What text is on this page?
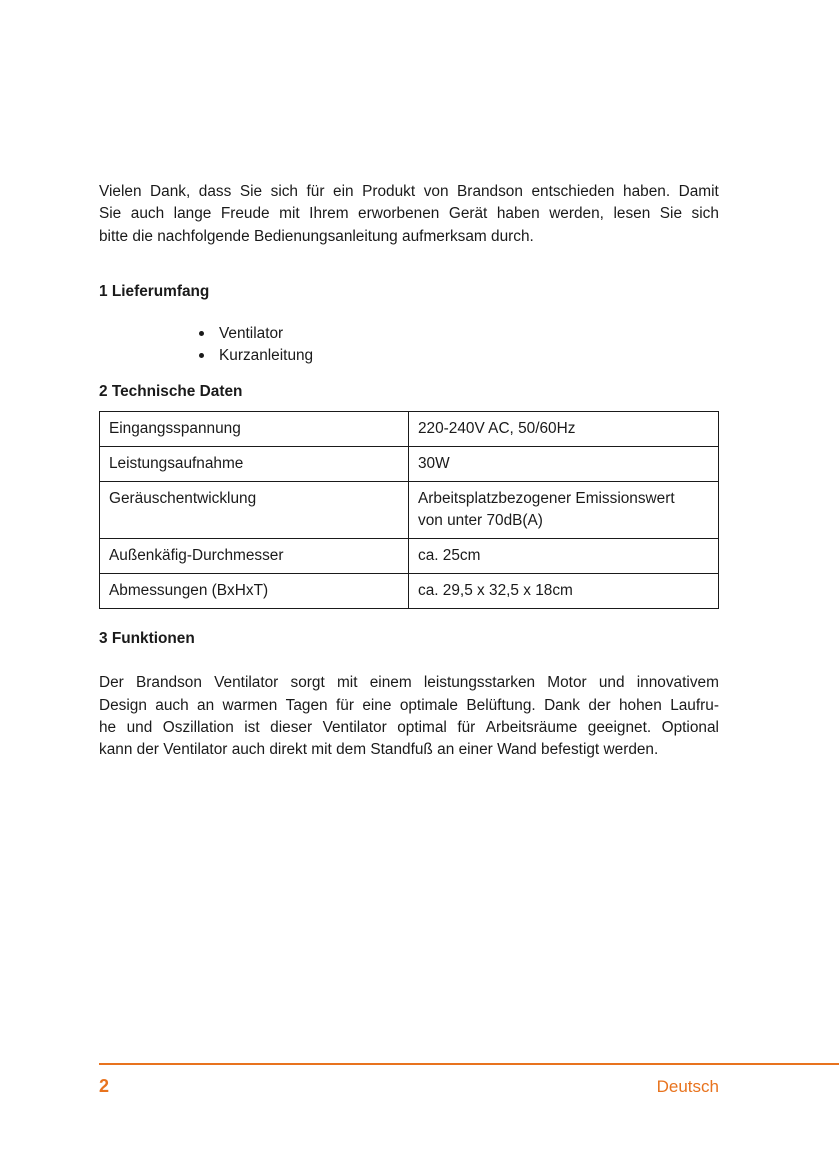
Vielen Dank, dass Sie sich für ein Produkt von Brandson entschieden haben. Damit
Sie auch lange Freude mit Ihrem erworbenen Gerät haben werden, lesen Sie sich
bitte die nachfolgende Bedienungsanleitung aufmerksam durch.
1 Lieferumfang
Ventilator
Kurzanleitung
2 Technische Daten
Eingangsspannung	220-240V AC, 50/60Hz

Leistungsaufnahme	30W

Geräuschentwicklung	Arbeitsplatzbezogener Emissionswert
von unter 70dB(A)

Außenkäfig-Durchmesser	ca. 25cm

Abmessungen (BxHxT)	ca. 29,5 x 32,5 x 18cm
3 Funktionen
Der Brandson Ventilator sorgt mit einem leistungsstarken Motor und innovativem
Design auch an warmen Tagen für eine optimale Belüftung. Dank der hohen Laufru-
he und Oszillation ist dieser Ventilator optimal für Arbeitsräume geeignet. Optional
kann der Ventilator auch direkt mit dem Standfuß an einer Wand befestigt werden.
2	Deutsch
